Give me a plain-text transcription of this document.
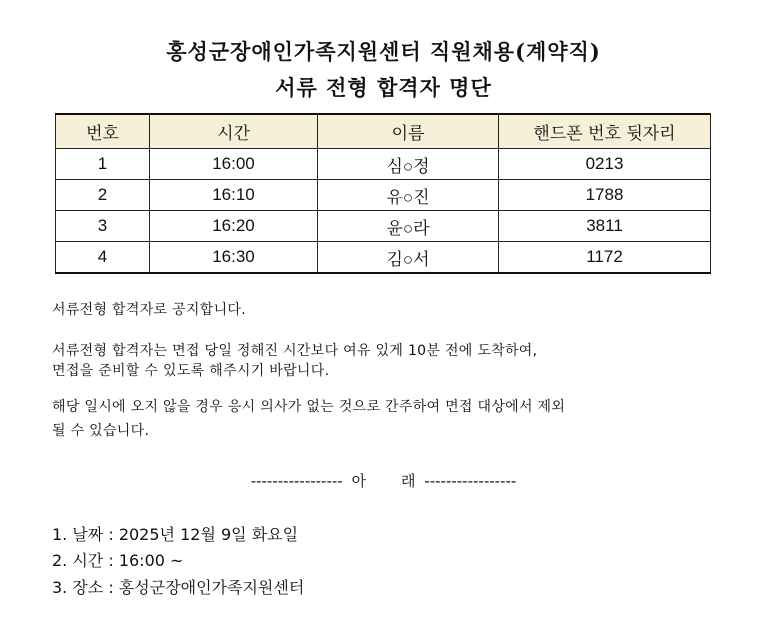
홍성군장애인가족지원센터 직원채용(계약직)
서류 전형 합격자 명단
번호	시간	이름	핸드폰 번호 뒷자리
1	16:00	심○정	0213
2	16:10	유○진	1788
3	16:20	윤○라	3811
4	16:30	김○서	1172
서류전형 합격자로 공지합니다.
서류전형 합격자는 면접 당일 정해진 시간보다 여유 있게 10분 전에 도착하여,
면접을 준비할 수 있도록 해주시기 바랍니다.
해당 일시에 오지 않을 경우 응시 의사가 없는 것으로 간주하여 면접 대상에서 제외
될 수 있습니다.
----------------- 아    래 -----------------
1. 날짜 : 2025년 12월 9일 화요일
2. 시간 : 16:00 ~
3. 장소 : 홍성군장애인가족지원센터
